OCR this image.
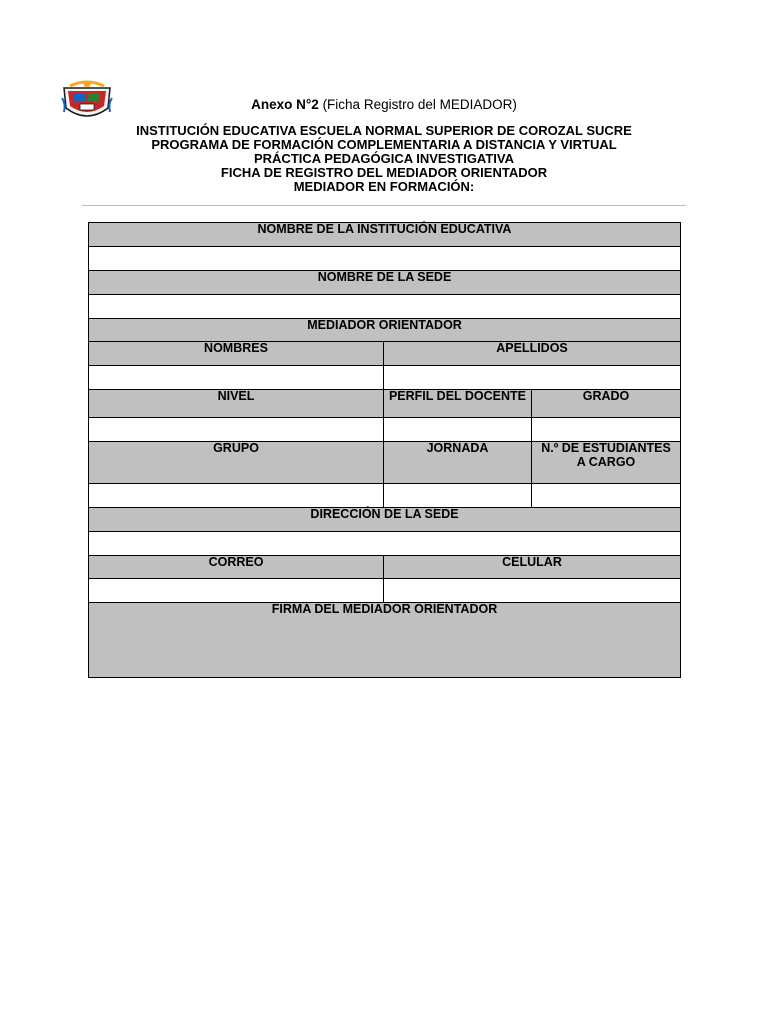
Anexo N°2 (Ficha Registro del MEDIADOR)
INSTITUCIÓN EDUCATIVA ESCUELA NORMAL SUPERIOR DE COROZAL SUCRE
PROGRAMA DE FORMACIÓN COMPLEMENTARIA A DISTANCIA Y VIRTUAL
PRÁCTICA PEDAGÓGICA INVESTIGATIVA
FICHA DE REGISTRO DEL MEDIADOR ORIENTADOR
MEDIADOR EN FORMACIÓN:
NOMBRE DE LA INSTITUCIÓN EDUCATIVA		

NOMBRE DE LA SEDE		

MEDIADOR ORIENTADOR		
NOMBRES	APELLIDOS	

NIVEL	PERFIL DEL DOCENTE	GRADO

GRUPO	JORNADA	N.º DE ESTUDIANTES A CARGO

DIRECCIÓN DE LA SEDE		

CORREO	CELULAR	

FIRMA DEL MEDIADOR ORIENTADOR		
